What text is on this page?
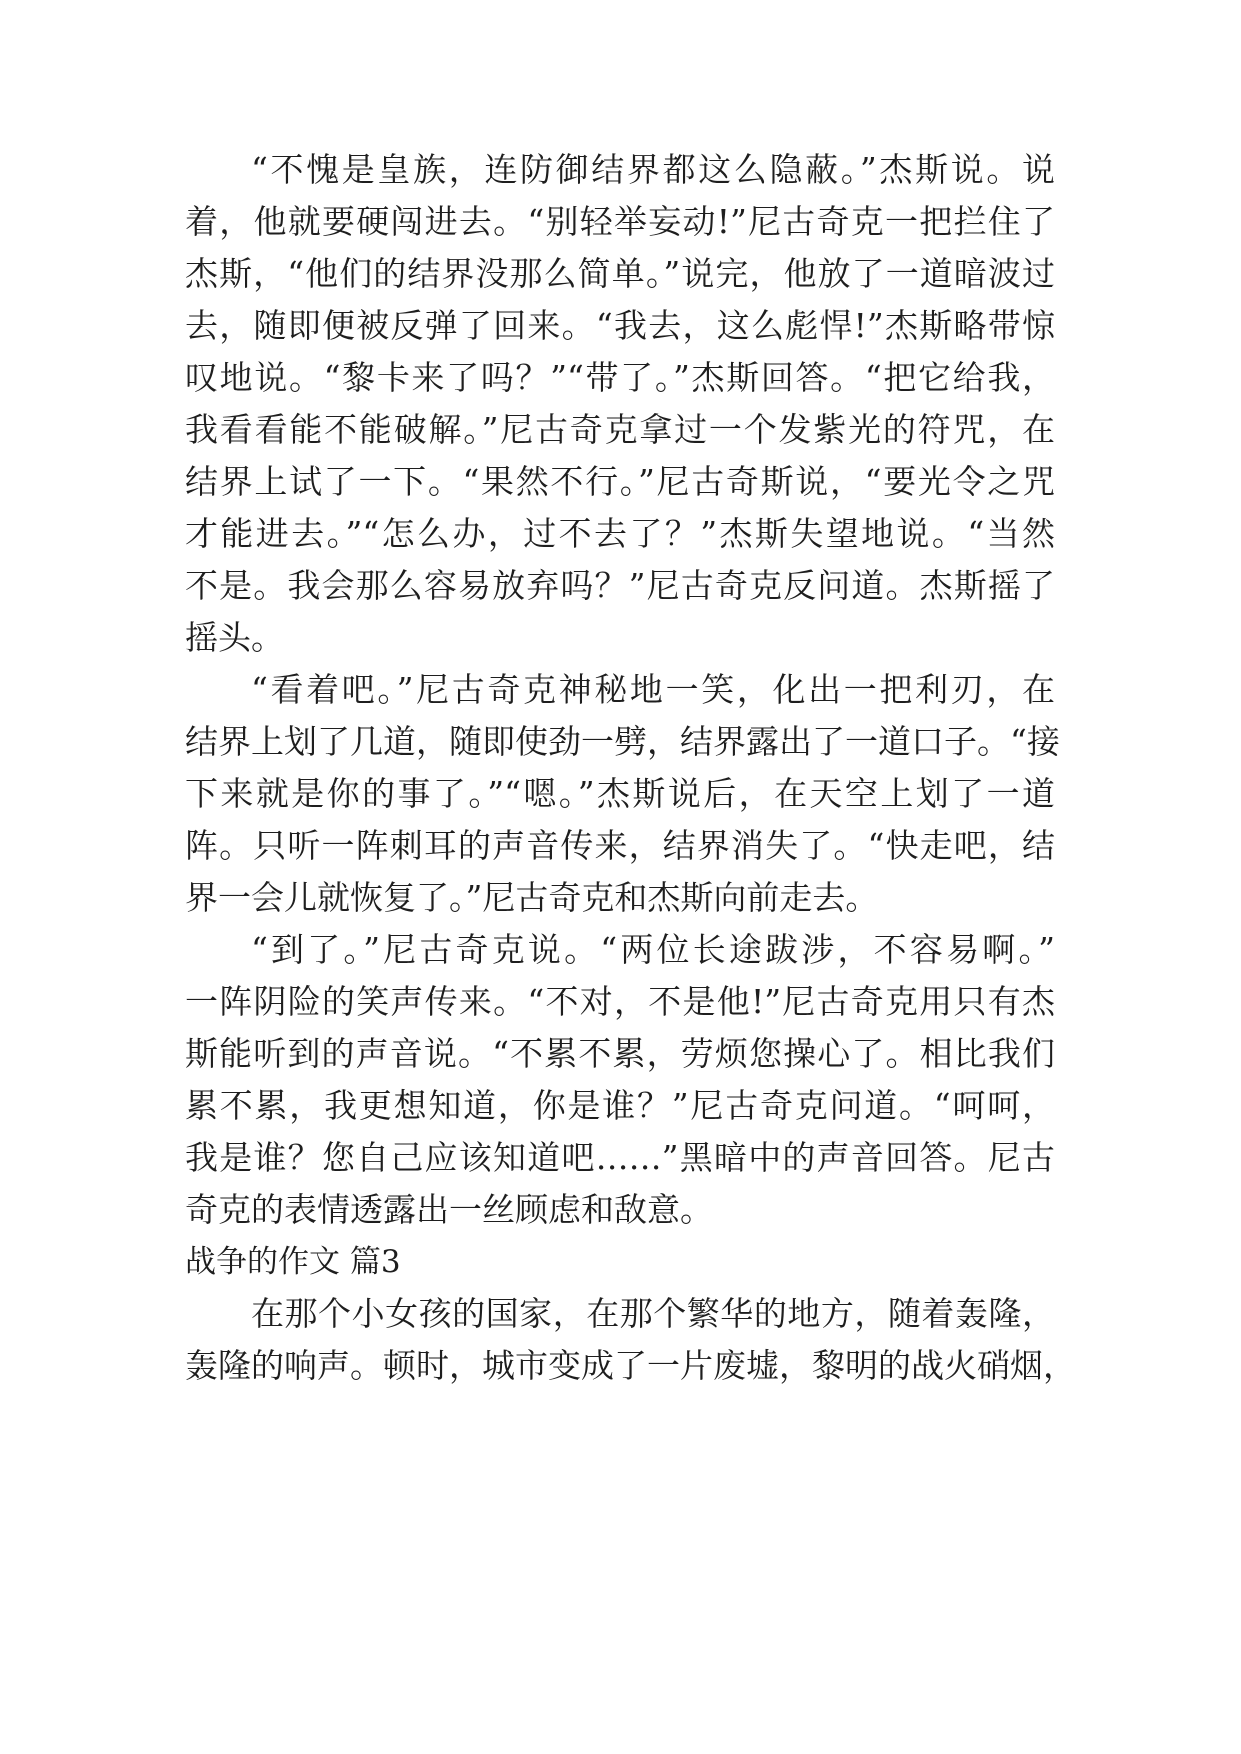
“不愧是皇族，连防御结界都这么隐蔽。”杰斯说。说
着，他就要硬闯进去。“别轻举妄动!”尼古奇克一把拦住了
杰斯，“他们的结界没那么简单。”说完，他放了一道暗波过
去，随即便被反弹了回来。“我去，这么彪悍!”杰斯略带惊
叹地说。“黎卡来了吗？”“带了。”杰斯回答。“把它给我，
我看看能不能破解。”尼古奇克拿过一个发紫光的符咒，在
结界上试了一下。“果然不行。”尼古奇斯说，“要光令之咒
才能进去。”“怎么办，过不去了？”杰斯失望地说。“当然
不是。我会那么容易放弃吗？”尼古奇克反问道。杰斯摇了
摇头。
“看着吧。”尼古奇克神秘地一笑，化出一把利刃，在
结界上划了几道，随即使劲一劈，结界露出了一道口子。“接
下来就是你的事了。”“嗯。”杰斯说后，在天空上划了一道
阵。只听一阵刺耳的声音传来，结界消失了。“快走吧，结
界一会儿就恢复了。”尼古奇克和杰斯向前走去。
“到了。”尼古奇克说。“两位长途跋涉，不容易啊。”
一阵阴险的笑声传来。“不对，不是他!”尼古奇克用只有杰
斯能听到的声音说。“不累不累，劳烦您操心了。相比我们
累不累，我更想知道，你是谁？”尼古奇克问道。“呵呵，
我是谁？您自己应该知道吧……”黑暗中的声音回答。尼古
奇克的表情透露出一丝顾虑和敌意。
战争的作文 篇3
在那个小女孩的国家，在那个繁华的地方，随着轰隆，
轰隆的响声。顿时，城市变成了一片废墟，黎明的战火硝烟，
